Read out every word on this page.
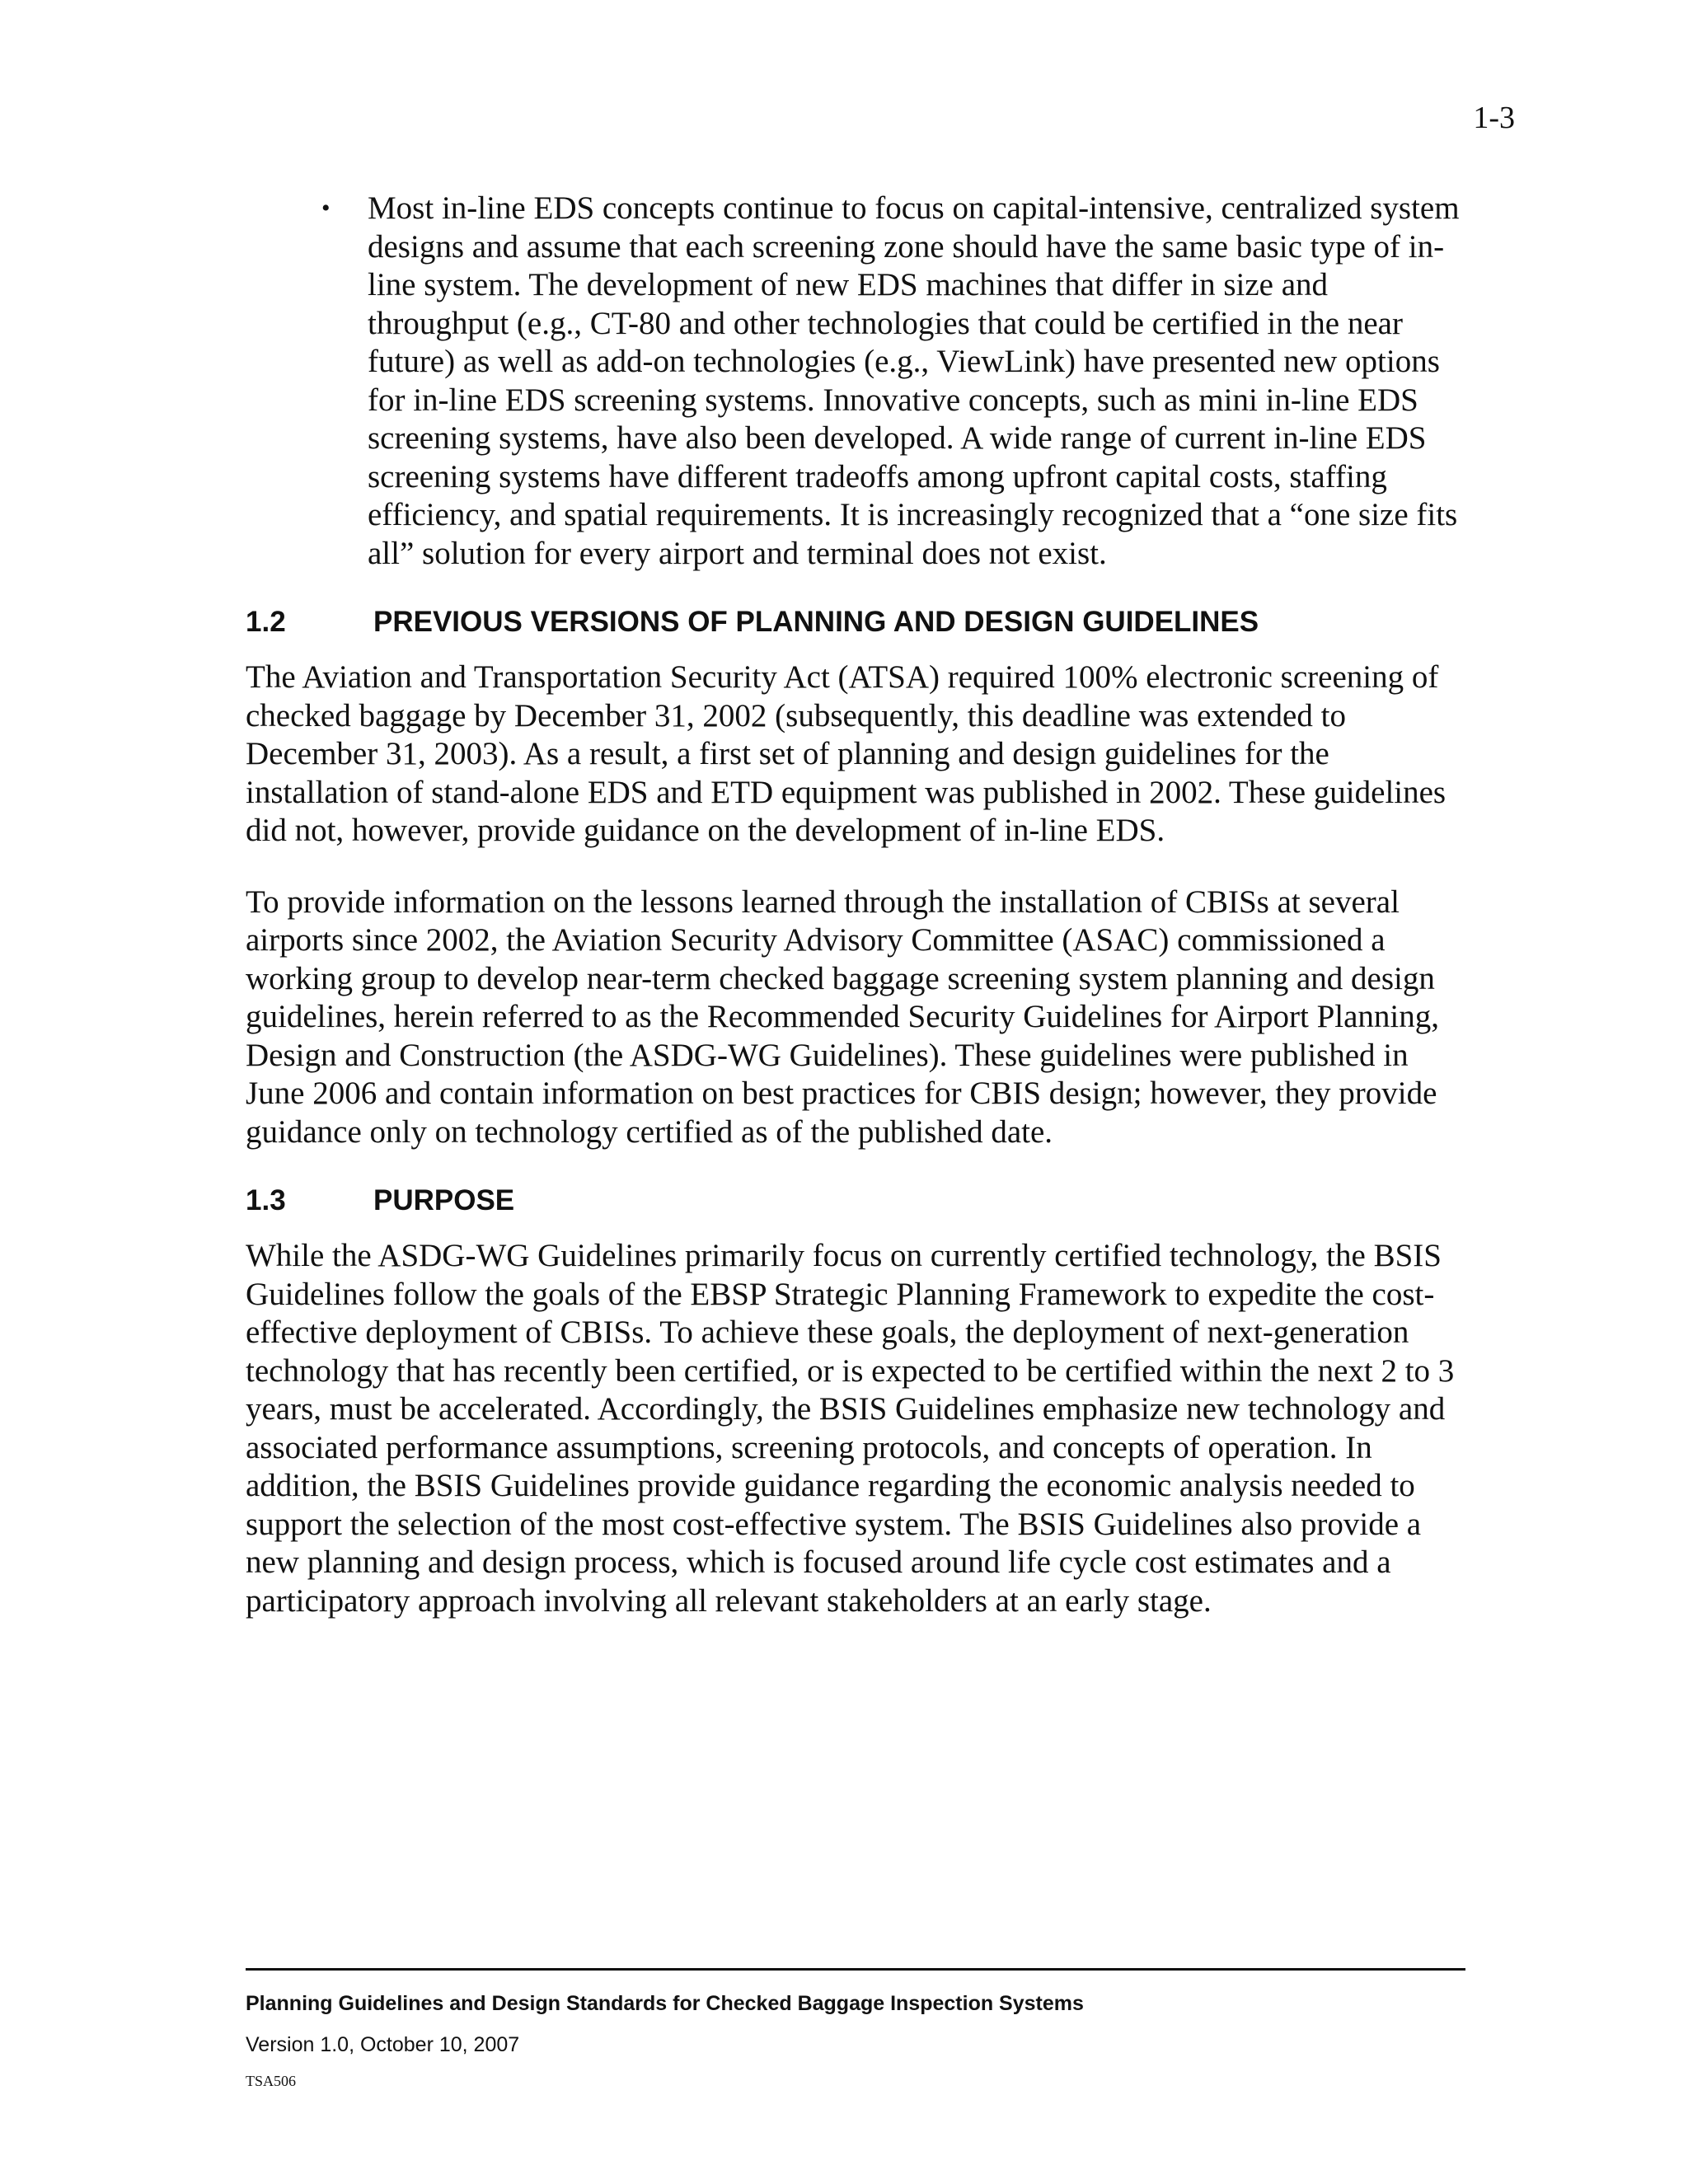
1-3

• Most in-line EDS concepts continue to focus on capital-intensive, centralized system designs and assume that each screening zone should have the same basic type of in-line system. The development of new EDS machines that differ in size and throughput (e.g., CT-80 and other technologies that could be certified in the near future) as well as add-on technologies (e.g., ViewLink) have presented new options for in-line EDS screening systems. Innovative concepts, such as mini in-line EDS screening systems, have also been developed. A wide range of current in-line EDS screening systems have different tradeoffs among upfront capital costs, staffing efficiency, and spatial requirements. It is increasingly recognized that a “one size fits all” solution for every airport and terminal does not exist.

1.2	PREVIOUS VERSIONS OF PLANNING AND DESIGN GUIDELINES

The Aviation and Transportation Security Act (ATSA) required 100% electronic screening of checked baggage by December 31, 2002 (subsequently, this deadline was extended to December 31, 2003). As a result, a first set of planning and design guidelines for the installation of stand-alone EDS and ETD equipment was published in 2002. These guidelines did not, however, provide guidance on the development of in-line EDS.

To provide information on the lessons learned through the installation of CBISs at several airports since 2002, the Aviation Security Advisory Committee (ASAC) commissioned a working group to develop near-term checked baggage screening system planning and design guidelines, herein referred to as the Recommended Security Guidelines for Airport Planning, Design and Construction (the ASDG-WG Guidelines). These guidelines were published in June 2006 and contain information on best practices for CBIS design; however, they provide guidance only on technology certified as of the published date.

1.3	PURPOSE

While the ASDG-WG Guidelines primarily focus on currently certified technology, the BSIS Guidelines follow the goals of the EBSP Strategic Planning Framework to expedite the cost-effective deployment of CBISs. To achieve these goals, the deployment of next-generation technology that has recently been certified, or is expected to be certified within the next 2 to 3 years, must be accelerated. Accordingly, the BSIS Guidelines emphasize new technology and associated performance assumptions, screening protocols, and concepts of operation. In addition, the BSIS Guidelines provide guidance regarding the economic analysis needed to support the selection of the most cost-effective system. The BSIS Guidelines also provide a new planning and design process, which is focused around life cycle cost estimates and a participatory approach involving all relevant stakeholders at an early stage.

Planning Guidelines and Design Standards for Checked Baggage Inspection Systems
Version 1.0, October 10, 2007
TSA506
